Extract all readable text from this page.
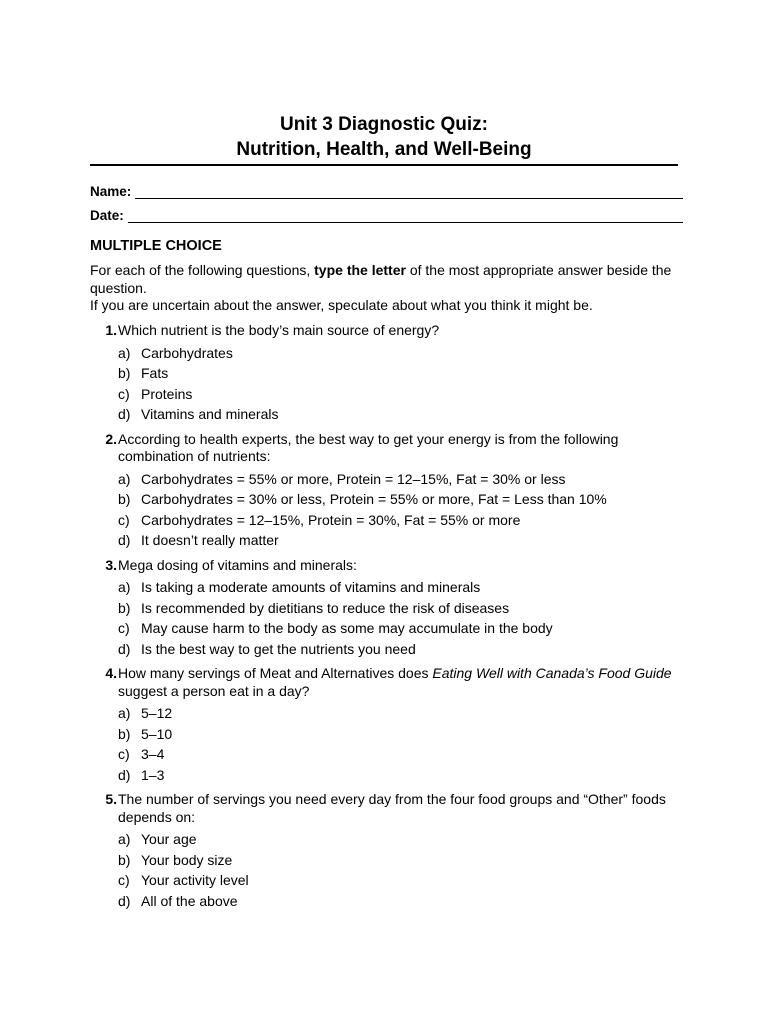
Unit 3 Diagnostic Quiz:
Nutrition, Health, and Well-Being
Name:
Date:
MULTIPLE CHOICE

For each of the following questions, type the letter of the most appropriate answer beside the question.

If you are uncertain about the answer, speculate about what you think it might be.

1. Which nutrient is the body’s main source of energy?
a) Carbohydrates
b) Fats
c) Proteins
d) Vitamins and minerals
2. According to health experts, the best way to get your energy is from the following combination of nutrients:
a) Carbohydrates = 55% or more, Protein = 12–15%, Fat = 30% or less
b) Carbohydrates = 30% or less, Protein = 55% or more, Fat = Less than 10%
c) Carbohydrates = 12–15%, Protein = 30%, Fat = 55% or more
d) It doesn’t really matter
3. Mega dosing of vitamins and minerals:
a) Is taking a moderate amounts of vitamins and minerals
b) Is recommended by dietitians to reduce the risk of diseases
c) May cause harm to the body as some may accumulate in the body
d) Is the best way to get the nutrients you need
4. How many servings of Meat and Alternatives does Eating Well with Canada’s Food Guide suggest a person eat in a day?
a) 5–12
b) 5–10
c) 3–4
d) 1–3
5. The number of servings you need every day from the four food groups and “Other” foods depends on:
a) Your age
b) Your body size
c) Your activity level
d) All of the above
